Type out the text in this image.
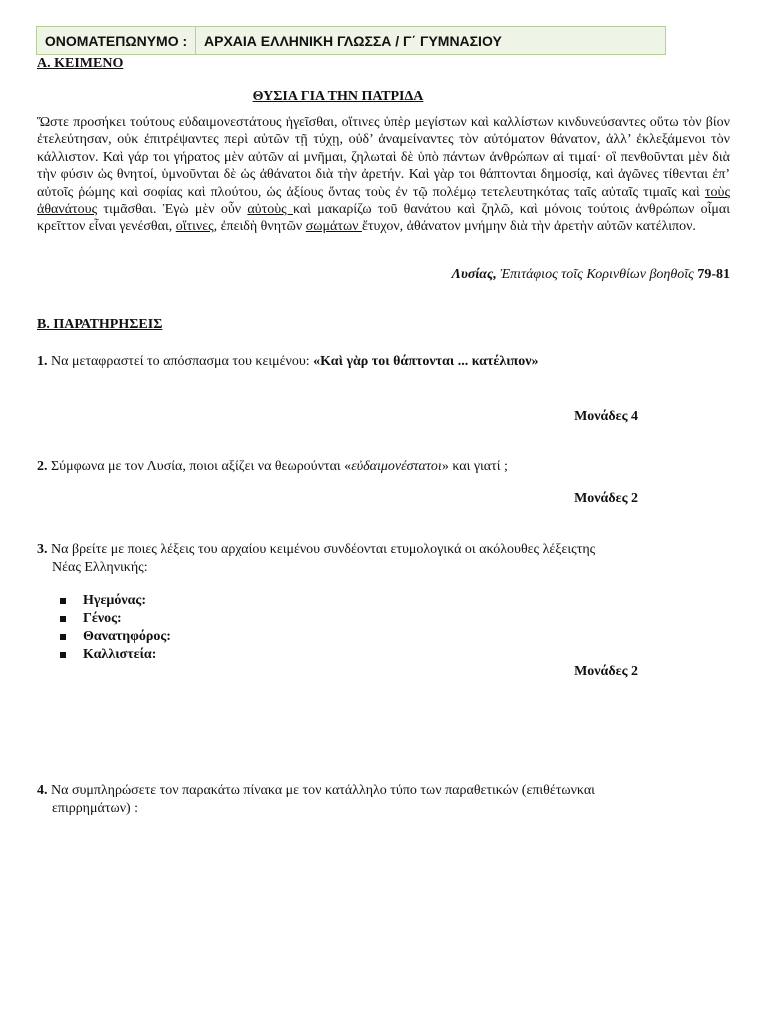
ΟΝΟΜΑΤΕΠΩΝΥΜΟ :	ΑΡΧΑΙΑ ΕΛΛΗΝΙΚΗ ΓΛΩΣΣΑ / Γ΄ ΓΥΜΝΑΣΙΟΥ
Α. ΚΕΙΜΕΝΟ
ΘΥΣΙΑ ΓΙΑ ΤΗΝ ΠΑΤΡΙΔΑ
Ὥστε προσήκει τούτους εὐδαιμονεστάτους ἡγεῖσθαι, οἵτινες ὑπὲρ μεγίστων καὶ καλλίστων κινδυνεύσαντες οὕτω τὸν βίον ἐτελεύτησαν, οὐκ ἐπιτρέψαντες περὶ αὑτῶν τῇ τύχῃ, οὐδ’ ἀναμείναντες τὸν αὐτόματον θάνατον, ἀλλ’ ἐκλεξάμενοι τὸν κάλλιστον. Καὶ γάρ τοι γήρατος μὲν αὐτῶν αἱ μνῆμαι, ζηλωταὶ δὲ ὑπὸ πάντων ἀνθρώπων αἱ τιμαί· οἳ πενθοῦνται μὲν διὰ τὴν φύσιν ὡς θνητοί, ὑμνοῦνται δὲ ὡς ἀθάνατοι διὰ τὴν ἀρετήν. Καὶ γὰρ τοι θάπτονται δημοσίᾳ, καὶ ἀγῶνες τίθενται ἐπ’ αὐτοῖς ῥώμης καὶ σοφίας καὶ πλούτου, ὡς ἀξίους ὄντας τοὺς ἐν τῷ πολέμῳ τετελευτηκότας ταῖς αὐταῖς τιμαῖς καὶ τοὺς ἀθανάτους τιμᾶσθαι. Ἐγὼ μὲν οὖν αὐτοὺς καὶ μακαρίζω τοῦ θανάτου καὶ ζηλῶ, καὶ μόνοις τούτοις ἀνθρώπων οἶμαι κρεῖττον εἶναι γενέσθαι, οἵτινες, ἐπειδὴ θνητῶν σωμάτων ἔτυχον, ἀθάνατον μνήμην διὰ τὴν ἀρετὴν αὐτῶν κατέλιπον.
Λυσίας, Ἐπιτάφιος τοῖς Κορινθίων βοηθοῖς 79-81
Β. ΠΑΡΑΤΗΡΗΣΕΙΣ
1. Να μεταφραστεί το απόσπασμα του κειμένου: «Καὶ γὰρ τοι θάπτονται ... κατέλιπον»
Μονάδες 4
2. Σύμφωνα με τον Λυσία, ποιοι αξίζει να θεωρούνται «εὐδαιμονέστατοι» και γιατί ;
Μονάδες 2
3. Να βρείτε με ποιες λέξεις του αρχαίου κειμένου συνδέονται ετυμολογικά οι ακόλουθες λέξειςτης
Νέας Ελληνικής:
Ηγεμόνας:
Γένος:
Θανατηφόρος:
Καλλιστεία:
Μονάδες 2
4. Να συμπληρώσετε τον παρακάτω πίνακα με τον κατάλληλο τύπο των παραθετικών (επιθέτωνκαι
επιρρημάτων) :
